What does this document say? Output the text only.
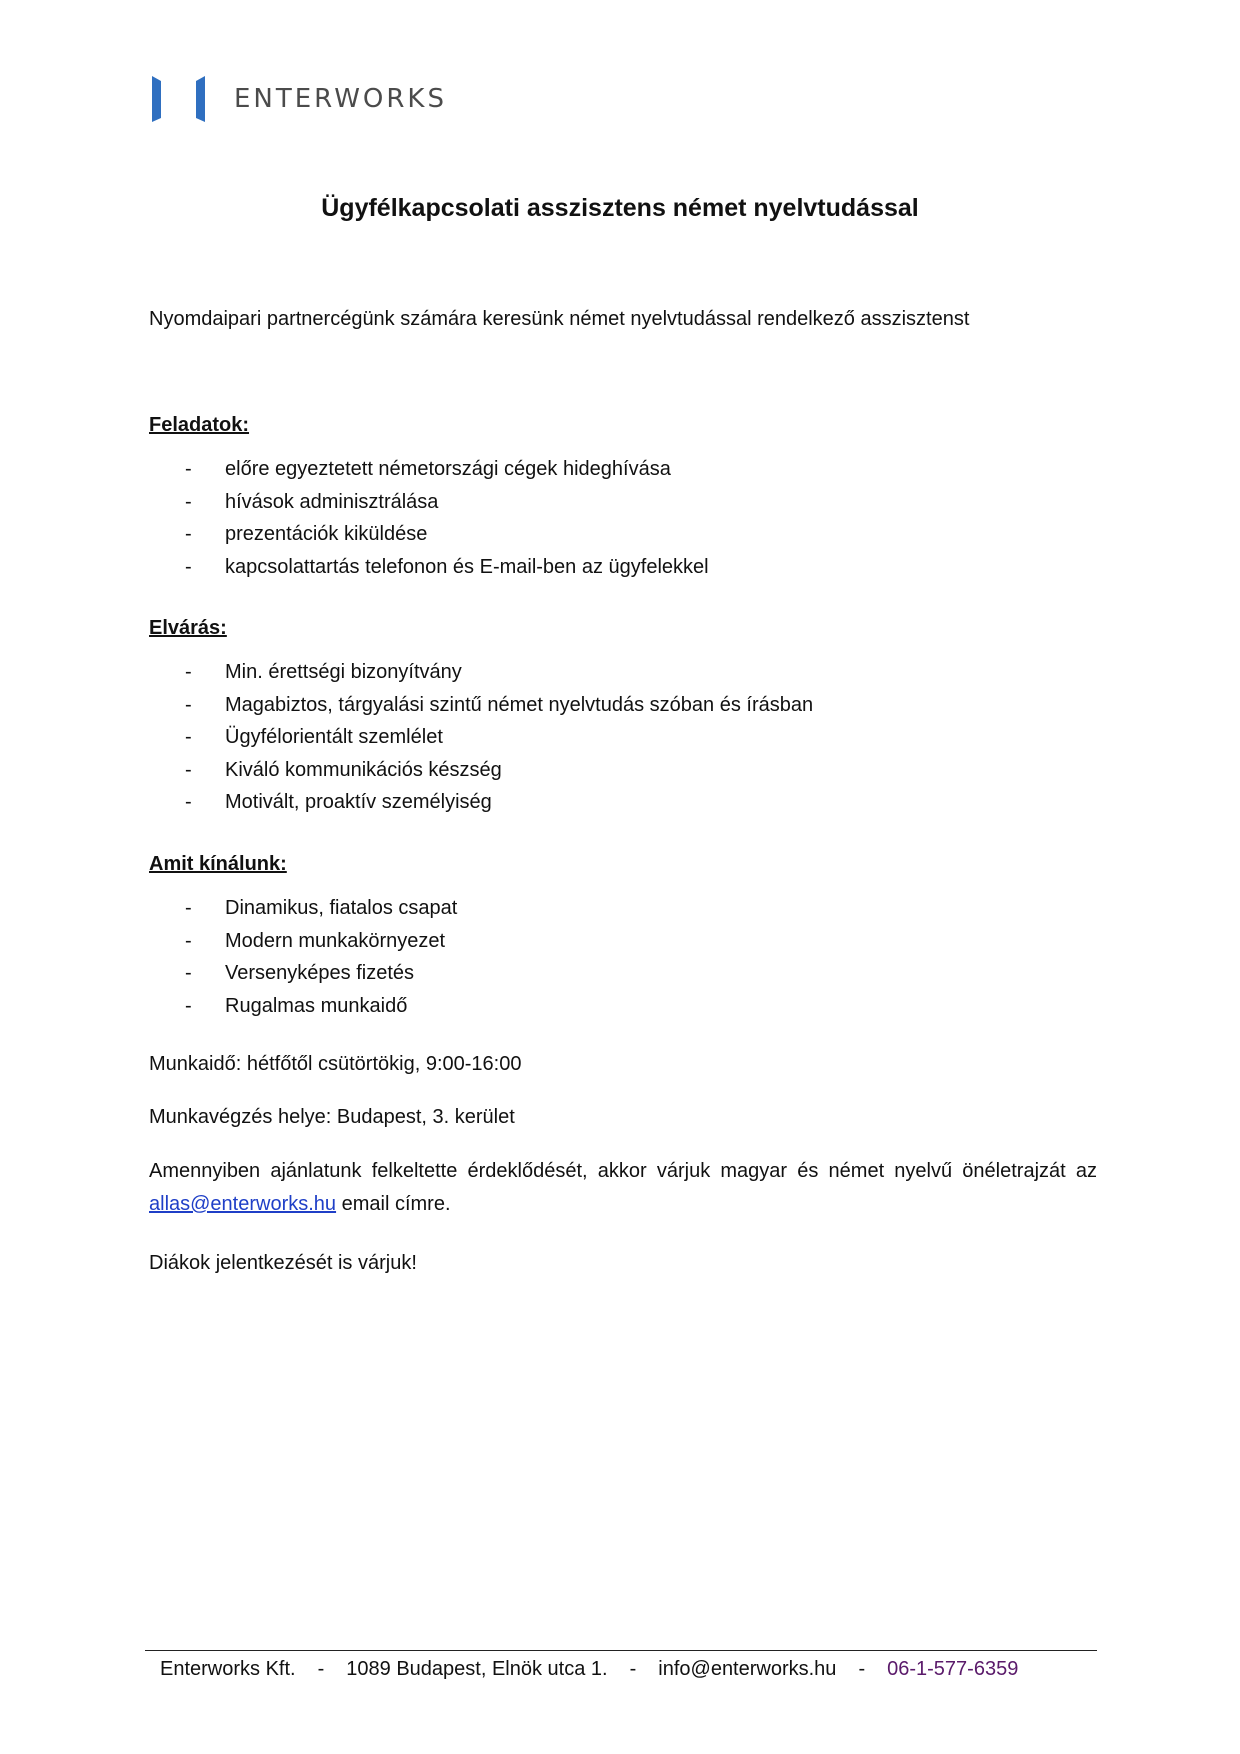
ENTERWORKS
Ügyfélkapcsolati asszisztens német nyelvtudással

Nyomdaipari partnercégünk számára keresünk német nyelvtudással rendelkező asszisztenst

Feladatok:

- előre egyeztetett németországi cégek hideghívása
- hívások adminisztrálása
- prezentációk kiküldése
- kapcsolattartás telefonon és E-mail-ben az ügyfelekkel

Elvárás:

- Min. érettségi bizonyítvány
- Magabiztos, tárgyalási szintű német nyelvtudás szóban és írásban
- Ügyfélorientált szemlélet
- Kiváló kommunikációs készség
- Motivált, proaktív személyiség

Amit kínálunk:

- Dinamikus, fiatalos csapat
- Modern munkakörnyezet
- Versenyképes fizetés
- Rugalmas munkaidő

Munkaidő: hétfőtől csütörtökig, 9:00-16:00

Munkavégzés helye: Budapest, 3. kerület

Amennyiben ajánlatunk felkeltette érdeklődését, akkor várjuk magyar és német nyelvű önéletrajzát az allas@enterworks.hu email címre.

Diákok jelentkezését is várjuk!

Enterworks Kft. - 1089 Budapest, Elnök utca 1. - info@enterworks.hu - 06-1-577-6359
